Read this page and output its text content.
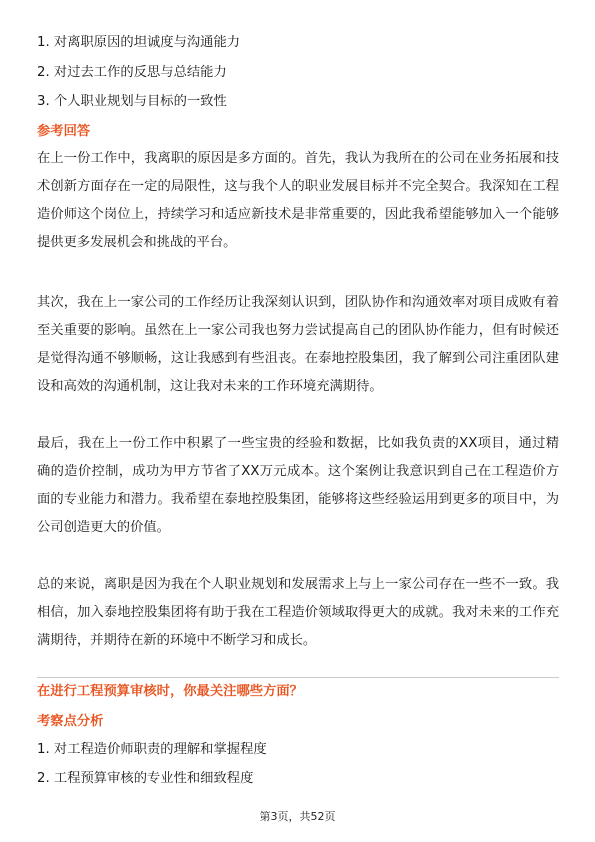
1. 对离职原因的坦诚度与沟通能力
2. 对过去工作的反思与总结能力
3. 个人职业规划与目标的一致性
参考回答

在上一份工作中，我离职的原因是多方面的。首先，我认为我所在的公司在业务拓展和技术创新方面存在一定的局限性，这与我个人的职业发展目标并不完全契合。我深知在工程造价师这个岗位上，持续学习和适应新技术是非常重要的，因此我希望能够加入一个能够提供更多发展机会和挑战的平台。

其次，我在上一家公司的工作经历让我深刻认识到，团队协作和沟通效率对项目成败有着至关重要的影响。虽然在上一家公司我也努力尝试提高自己的团队协作能力，但有时候还是觉得沟通不够顺畅，这让我感到有些沮丧。在泰地控股集团，我了解到公司注重团队建设和高效的沟通机制，这让我对未来的工作环境充满期待。

最后，我在上一份工作中积累了一些宝贵的经验和数据，比如我负责的XX项目，通过精确的造价控制，成功为甲方节省了XX万元成本。这个案例让我意识到自己在工程造价方面的专业能力和潜力。我希望在泰地控股集团，能够将这些经验运用到更多的项目中，为公司创造更大的价值。

总的来说，离职是因为我在个人职业规划和发展需求上与上一家公司存在一些不一致。我相信，加入泰地控股集团将有助于我在工程造价领域取得更大的成就。我对未来的工作充满期待，并期待在新的环境中不断学习和成长。

在进行工程预算审核时，你最关注哪些方面？
考察点分析
1. 对工程造价师职责的理解和掌握程度
2. 工程预算审核的专业性和细致程度
第3页，共52页
